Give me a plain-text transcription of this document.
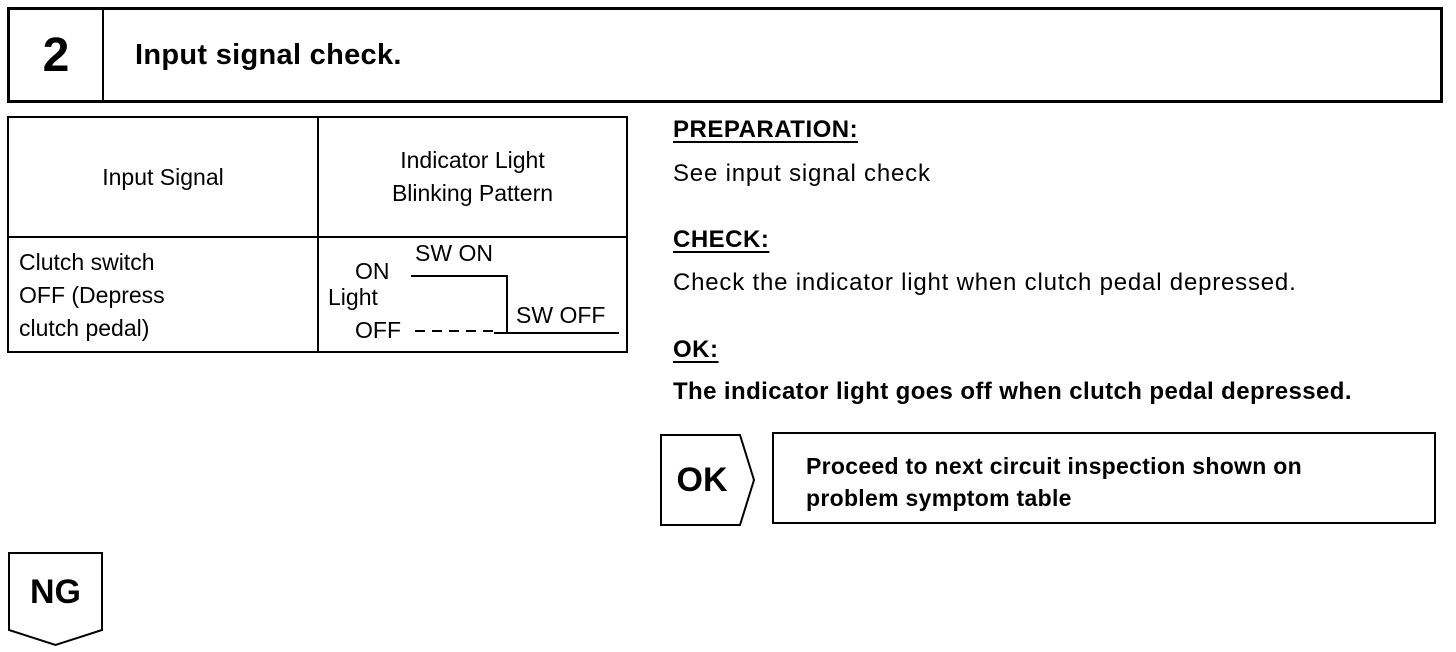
2	Input signal check.
Input Signal
Indicator Light
Blinking Pattern
Clutch switch
OFF (Depress
clutch pedal)
ON
SW ON
Light
OFF
SW OFF
PREPARATION:
See input signal check
CHECK:
Check the indicator light when clutch pedal depressed.
OK:
The indicator light goes off when clutch pedal depressed.
OK	Proceed to next circuit inspection shown on
problem symptom table
NG
